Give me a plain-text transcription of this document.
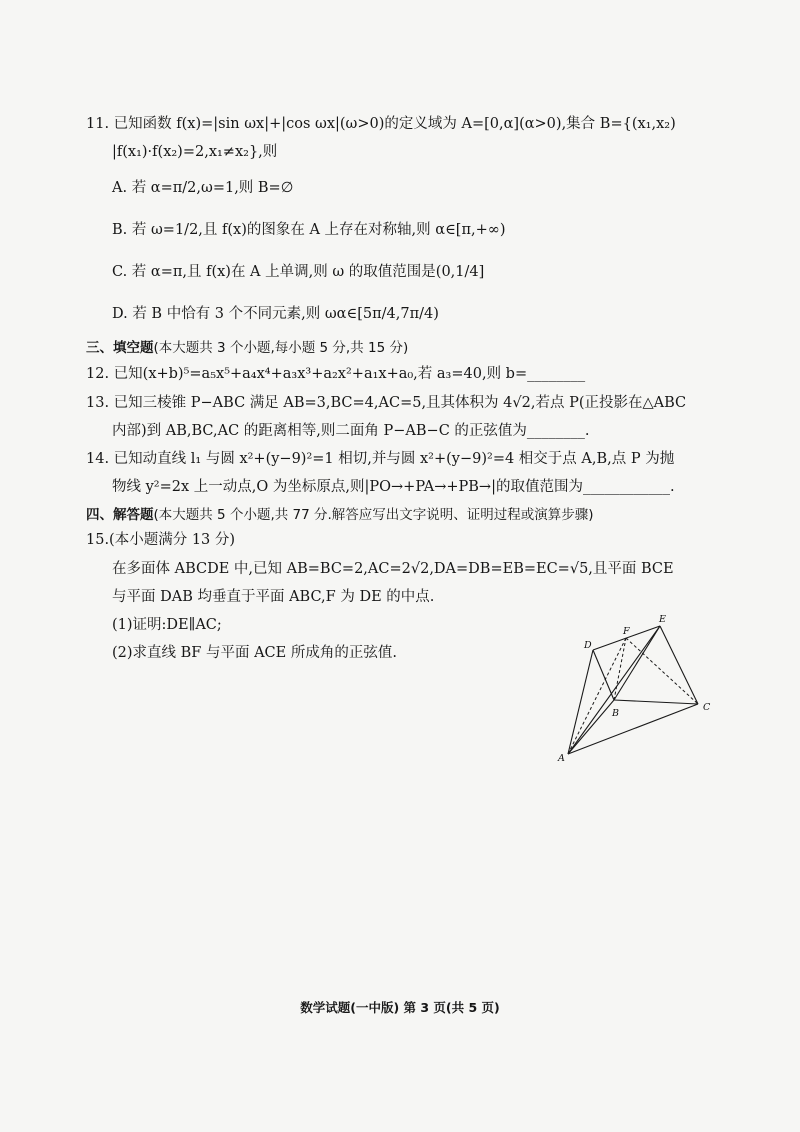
11. 已知函数 f(x)=|sin ωx|+|cos ωx|(ω>0)的定义域为 A=[0,α](α>0),集合 B={(x₁,x₂)
|f(x₁)·f(x₂)=2,x₁≠x₂},则
A. 若 α=π/2,ω=1,则 B=∅
B. 若 ω=1/2,且 f(x)的图象在 A 上存在对称轴,则 α∈[π,+∞)
C. 若 α=π,且 f(x)在 A 上单调,则 ω 的取值范围是(0,1/4]
D. 若 B 中恰有 3 个不同元素,则 ωα∈[5π/4,7π/4)
三、填空题(本大题共 3 个小题,每小题 5 分,共 15 分)
12. 已知(x+b)⁵=a₅x⁵+a₄x⁴+a₃x³+a₂x²+a₁x+a₀,若 a₃=40,则 b=________
13. 已知三棱锥 P−ABC 满足 AB=3,BC=4,AC=5,且其体积为 4√2,若点 P(正投影在△ABC
内部)到 AB,BC,AC 的距离相等,则二面角 P−AB−C 的正弦值为________.
14. 已知动直线 l₁ 与圆 x²+(y−9)²=1 相切,并与圆 x²+(y−9)²=4 相交于点 A,B,点 P 为抛
物线 y²=2x 上一动点,O 为坐标原点,则|PO→+PA→+PB→|的取值范围为____________.
四、解答题(本大题共 5 个小题,共 77 分.解答应写出文字说明、证明过程或演算步骤)
15.(本小题满分 13 分)
在多面体 ABCDE 中,已知 AB=BC=2,AC=2√2,DA=DB=EB=EC=√5,且平面 BCE
与平面 DAB 均垂直于平面 ABC,F 为 DE 的中点.
(1)证明:DE∥AC;
(2)求直线 BF 与平面 ACE 所成角的正弦值.	D
F
E
B
C
A
数学试题(一中版) 第 3 页(共 5 页)
